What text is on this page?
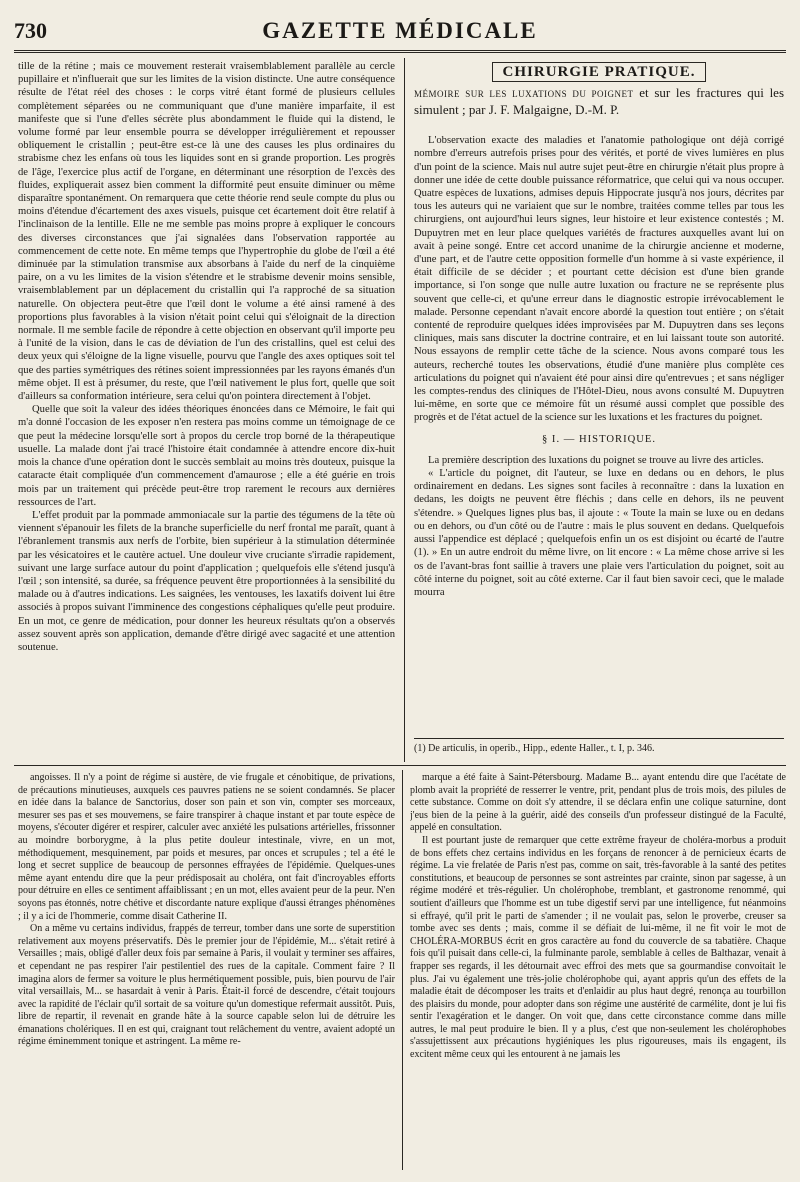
730	GAZETTE MÉDICALE

tille de la rétine ; mais ce mouvement resterait vraisemblablement parallèle au cercle pupillaire et n'influerait que sur les limites de la vision distincte. Une autre conséquence résulte de l'état réel des choses : le corps vitré étant formé de plusieurs cellules complètement séparées ou ne communiquant que d'une manière imparfaite, il est manifeste que si l'une d'elles sécrète plus abondamment le fluide qui la distend, le volume formé par leur ensemble pourra se développer irrégulièrement et repousser obliquement le cristallin ; peut-être est-ce là une des causes les plus ordinaires du strabisme chez les enfans où tous les liquides sont en si grande proportion. Les progrès de l'âge, l'exercice plus actif de l'organe, en déterminant une résorption de l'excès des fluides, expliquerait assez bien comment la difformité peut ensuite diminuer ou même disparaître spontanément. On remarquera que cette théorie rend seule compte du plus ou moins d'étendue d'écartement des axes visuels, puisque cet écartement doit être relatif à l'inclinaison de la lentille. Elle ne me semble pas moins propre à expliquer le concours des diverses circonstances que j'ai signalées dans l'observation rapportée au commencement de cette note. En même temps que l'hypertrophie du globe de l'œil a été diminuée par la stimulation transmise aux absorbans à l'aide du nerf de la cinquième paire, on a vu les limites de la vision s'étendre et le strabisme devenir moins sensible, vraisemblablement par un déplacement du cristallin qui l'a rapproché de sa situation naturelle. On objectera peut-être que l'œil dont le volume a été ainsi ramené à des proportions plus favorables à la vision n'était point celui qui s'éloignait de la direction normale. Il me semble facile de répondre à cette objection en observant qu'il importe peu à l'unité de la vision, dans le cas de déviation de l'un des cristallins, quel est celui des deux yeux qui s'éloigne de la ligne visuelle, pourvu que l'angle des axes optiques soit tel que des parties symétriques des rétines soient impressionnées par les rayons émanés d'un même objet. Il est à présumer, du reste, que l'œil nativement le plus fort, quelle que soit d'ailleurs sa conformation intérieure, sera celui qu'on pointera directement à l'objet.

Quelle que soit la valeur des idées théoriques énoncées dans ce Mémoire, le fait qui m'a donné l'occasion de les exposer n'en restera pas moins comme un témoignage de ce que peut la médecine lorsqu'elle sort à propos du cercle trop borné de la thérapeutique usuelle. La malade dont j'ai tracé l'histoire était condamnée à attendre encore dix-huit mois la chance d'une opération dont le succès semblait au moins très douteux, puisque la cataracte était compliquée d'un commencement d'amaurose ; elle a été guérie en trois mois par un traitement qui précède peut-être trop rarement le recours aux dernières ressources de l'art.

L'effet produit par la pommade ammoniacale sur la partie des tégumens de la tête où viennent s'épanouir les filets de la branche superficielle du nerf frontal me paraît, quant à l'ébranlement transmis aux nerfs de l'orbite, bien supérieur à la stimulation déterminée par les vésicatoires et le cautère actuel. Une douleur vive cruciante s'irradie rapidement, suivant une large surface autour du point d'application ; quelquefois elle s'étend jusqu'à l'œil ; son intensité, sa durée, sa fréquence peuvent être proportionnées à la sensibilité du malade ou à d'autres indications. Les saignées, les ventouses, les laxatifs doivent lui être associés à propos suivant l'imminence des congestions céphaliques qu'elle peut produire. En un mot, ce genre de médication, pour donner les heureux résultats qu'on a observés assez souvent après son application, demande d'être dirigé avec sagacité et une attention soutenue.

CHIRURGIE PRATIQUE.
MÉMOIRE SUR LES LUXATIONS DU POIGNET et sur les fractures qui les simulent ; par J. F. Malgaigne, D.-M. P.

L'observation exacte des maladies et l'anatomie pathologique ont déjà corrigé nombre d'erreurs autrefois prises pour des vérités, et porté de vives lumières en plus d'un point de la science. Mais nul autre sujet peut-être en chirurgie n'était plus propre à donner une idée de cette double puissance réformatrice, que celui qui va nous occuper. Quatre espèces de luxations, admises depuis Hippocrate jusqu'à nos jours, décrites par tous les auteurs qui ne variaient que sur le nombre, traitées comme telles par tous les chirurgiens, ont aujourd'hui leurs signes, leur histoire et leur existence contestés ; M. Dupuytren met en leur place quelques variétés de fractures auxquelles avant lui on avait à peine songé. Entre cet accord unanime de la chirurgie ancienne et moderne, d'une part, et de l'autre cette opposition formelle d'un homme à si vaste expérience, il était difficile de se décider ; et pourtant cette décision est d'une bien grande importance, si l'on songe que nulle autre luxation ou fracture ne se représente plus souvent que celle-ci, et qu'une erreur dans le diagnostic estropie irrévocablement le malade. Personne cependant n'avait encore abordé la question tout entière ; on s'était contenté de reproduire quelques idées improvisées par M. Dupuytren dans ses leçons cliniques, mais sans discuter la doctrine contraire, et en lui laissant toute son autorité. Nous essayons de remplir cette tâche de la science. Nous avons comparé tous les auteurs, recherché toutes les observations, étudié d'une manière plus complète ces articulations du poignet qui n'avaient été pour ainsi dire qu'entrevues ; et sans négliger les comptes-rendus des cliniques de l'Hôtel-Dieu, nous avons consulté M. Dupuytren lui-même, en sorte que ce mémoire fût un résumé aussi complet que possible des progrès et de l'état actuel de la science sur les luxations et les fractures du poignet.

§ I. — HISTORIQUE.

La première description des luxations du poignet se trouve au livre des articles.

« L'article du poignet, dit l'auteur, se luxe en dedans ou en dehors, le plus ordinairement en dedans. Les signes sont faciles à reconnaître : dans la luxation en dedans, les doigts ne peuvent être fléchis ; dans celle en dehors, ils ne peuvent s'étendre. » Quelques lignes plus bas, il ajoute : « Toute la main se luxe ou en dedans ou en dehors, ou d'un côté ou de l'autre : mais le plus souvent en dedans. Quelquefois aussi l'appendice est déplacé ; quelquefois enfin un os est disjoint ou écarté de l'autre (1). » En un autre endroit du même livre, on lit encore : « La même chose arrive si les os de l'avant-bras font saillie à travers une plaie vers l'articulation du poignet, soit au côté interne du poignet, soit au côté externe. Car il faut bien savoir ceci, que le malade mourra

(1) De articulis, in operib., Hipp., edente Haller., t. I, p. 346.

angoisses. Il n'y a point de régime si austère, de vie frugale et cénobitique, de privations, de précautions minutieuses, auxquels ces pauvres patiens ne se soient condamnés. Se placer en idée dans la balance de Sanctorius, doser son pain et son vin, compter ses morceaux, mesurer ses pas et ses mouvemens, se faire transpirer à chaque instant et par toute espèce de moyens, s'écouter digérer et respirer, calculer avec anxiété les pulsations artérielles, frissonner au moindre borborygme, à la plus petite douleur intestinale, vivre, en un mot, méthodiquement, mesquinement, par poids et mesures, par onces et scrupules ; tel a été le long et secret supplice de beaucoup de personnes effrayées de l'épidémie. Quelques-unes même ayant entendu dire que la peur prédisposait au choléra, ont fait d'incroyables efforts pour détruire en elles ce sentiment affaiblissant ; en un mot, elles avaient peur de la peur. N'en soyons pas étonnés, notre chétive et discordante nature explique d'aussi étranges phénomènes ; il y a ici de l'hommerie, comme disait Catherine II.

On a même vu certains individus, frappés de terreur, tomber dans une sorte de superstition relativement aux moyens préservatifs. Dès le premier jour de l'épidémie, M... s'était retiré à Versailles ; mais, obligé d'aller deux fois par semaine à Paris, il voulait y terminer ses affaires, et cependant ne pas respirer l'air pestilentiel des rues de la capitale. Comment faire ? Il imagina alors de fermer sa voiture le plus hermétiquement possible, puis, bien pourvu de l'air vital versaillais, M... se hasardait à venir à Paris. Était-il forcé de descendre, c'était toujours avec la rapidité de l'éclair qu'il sortait de sa voiture qu'un domestique refermait aussitôt. Puis, libre de repartir, il revenait en grande hâte à la source capable selon lui de détruire les émanations cholériques. Il en est qui, craignant tout relâchement du ventre, avaient adopté un régime éminemment tonique et astringent. La même re-

marque a été faite à Saint-Pétersbourg. Madame B... ayant entendu dire que l'acétate de plomb avait la propriété de resserrer le ventre, prit, pendant plus de trois mois, des pilules de cette substance. Comme on doit s'y attendre, il se déclara enfin une colique saturnine, dont j'eus bien de la peine à la guérir, aidé des conseils d'un professeur distingué de la Faculté, appelé en consultation.

Il est pourtant juste de remarquer que cette extrême frayeur de choléra-morbus a produit de bons effets chez certains individus en les forçans de renoncer à de pernicieux écarts de régime. La vie frelatée de Paris n'est pas, comme on sait, très-favorable à la santé des petites constitutions, et beaucoup de personnes se sont astreintes par crainte, sinon par sagesse, à un régime modéré et très-régulier. Un cholérophobe, tremblant, et gastronome renommé, qui soutient d'ailleurs que l'homme est un tube digestif servi par une intelligence, fut néanmoins si effrayé, qu'il prit le parti de s'amender ; il ne voulait pas, selon le proverbe, creuser sa tombe avec ses dents ; mais, comme il se défiait de lui-même, il ne fit voir le mot de CHOLÉRA-MORBUS écrit en gros caractère au fond du couvercle de sa tabatière. Chaque fois qu'il puisait dans celle-ci, la fulminante parole, semblable à celles de Balthazar, venait à frapper ses regards, il les détournait avec effroi des mets que sa gourmandise convoitait le plus. J'ai vu également une très-jolie cholérophobe qui, ayant appris qu'un des effets de la maladie était de décomposer les traits et d'enlaidir au plus haut degré, renonça au tourbillon des plaisirs du monde, pour adopter dans son régime une austérité de carmélite, dont je lui fis sentir l'exagération et le danger. On voit que, dans cette circonstance comme dans mille autres, le mal peut produire le bien. Il y a plus, c'est que non-seulement les cholérophobes s'assujettissent aux précautions hygiéniques les plus rigoureuses, mais ils engagent, ils excitent même ceux qui les entourent à ne jamais les
